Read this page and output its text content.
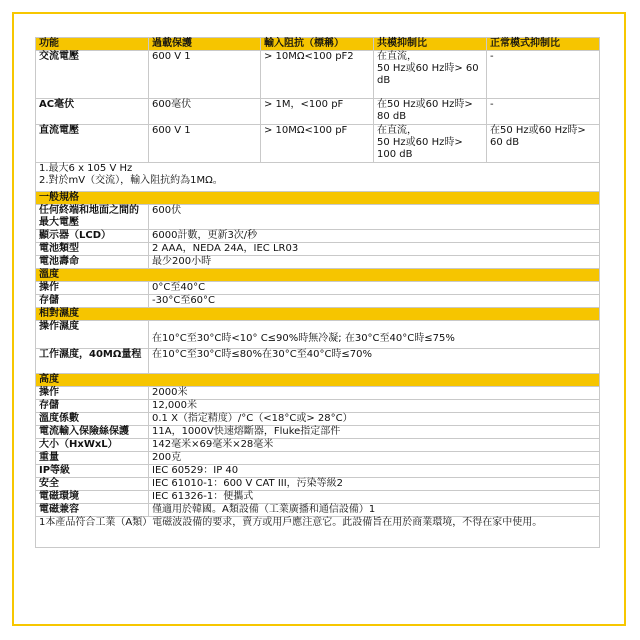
功能	過載保護	輸入阻抗（標稱）	共模抑制比	正常模式抑制比
交流電壓	600 V 1	> 10MΩ<100 pF2	在直流，
50 Hz或60 Hz時> 60 dB	-
AC毫伏	600毫伏	> 1M，<100 pF	在50 Hz或60 Hz時>
80 dB	-
直流電壓	600 V 1	> 10MΩ<100 pF	在直流，
50 Hz或60 Hz時>
100 dB	在50 Hz或60 Hz時>
60 dB
1.最大6 x 105 V Hz
2.對於mV（交流），輸入阻抗約為1MΩ。				
一般規格				
任何終端和地面之間的最大電壓	600伏			
顯示器（LCD）	6000計數，更新3次/秒			
電池類型	2 AAA，NEDA 24A，IEC LR03			
電池壽命	最少200小時			
溫度				
操作	0°C至40°C			
存儲	-30°C至60°C			
相對濕度				
操作濕度	在10°C至30°C時<10° C≤90%時無冷凝; 在30°C至40°C時≤75%			
工作濕度，40MΩ量程	在10°C至30°C時≤80%在30°C至40°C時≤70%			
高度				
操作	2000米			
存儲	12,000米			
溫度係數	0.1 X（指定精度）/°C（<18°C或> 28°C）			
電流輸入保險絲保護	11A，1000V快速熔斷器，Fluke指定部件			
大小（HxWxL）	142毫米×69毫米×28毫米			
重量	200克			
IP等級	IEC 60529：IP 40			
安全	IEC 61010-1：600 V CAT III，污染等級2			
電磁環境	IEC 61326-1：便攜式			
電磁兼容	僅適用於韓國。A類設備（工業廣播和通信設備）1			
1本產品符合工業（A類）電磁波設備的要求，賣方或用戶應注意它。此設備旨在用於商業環境，不得在家中使用。				
